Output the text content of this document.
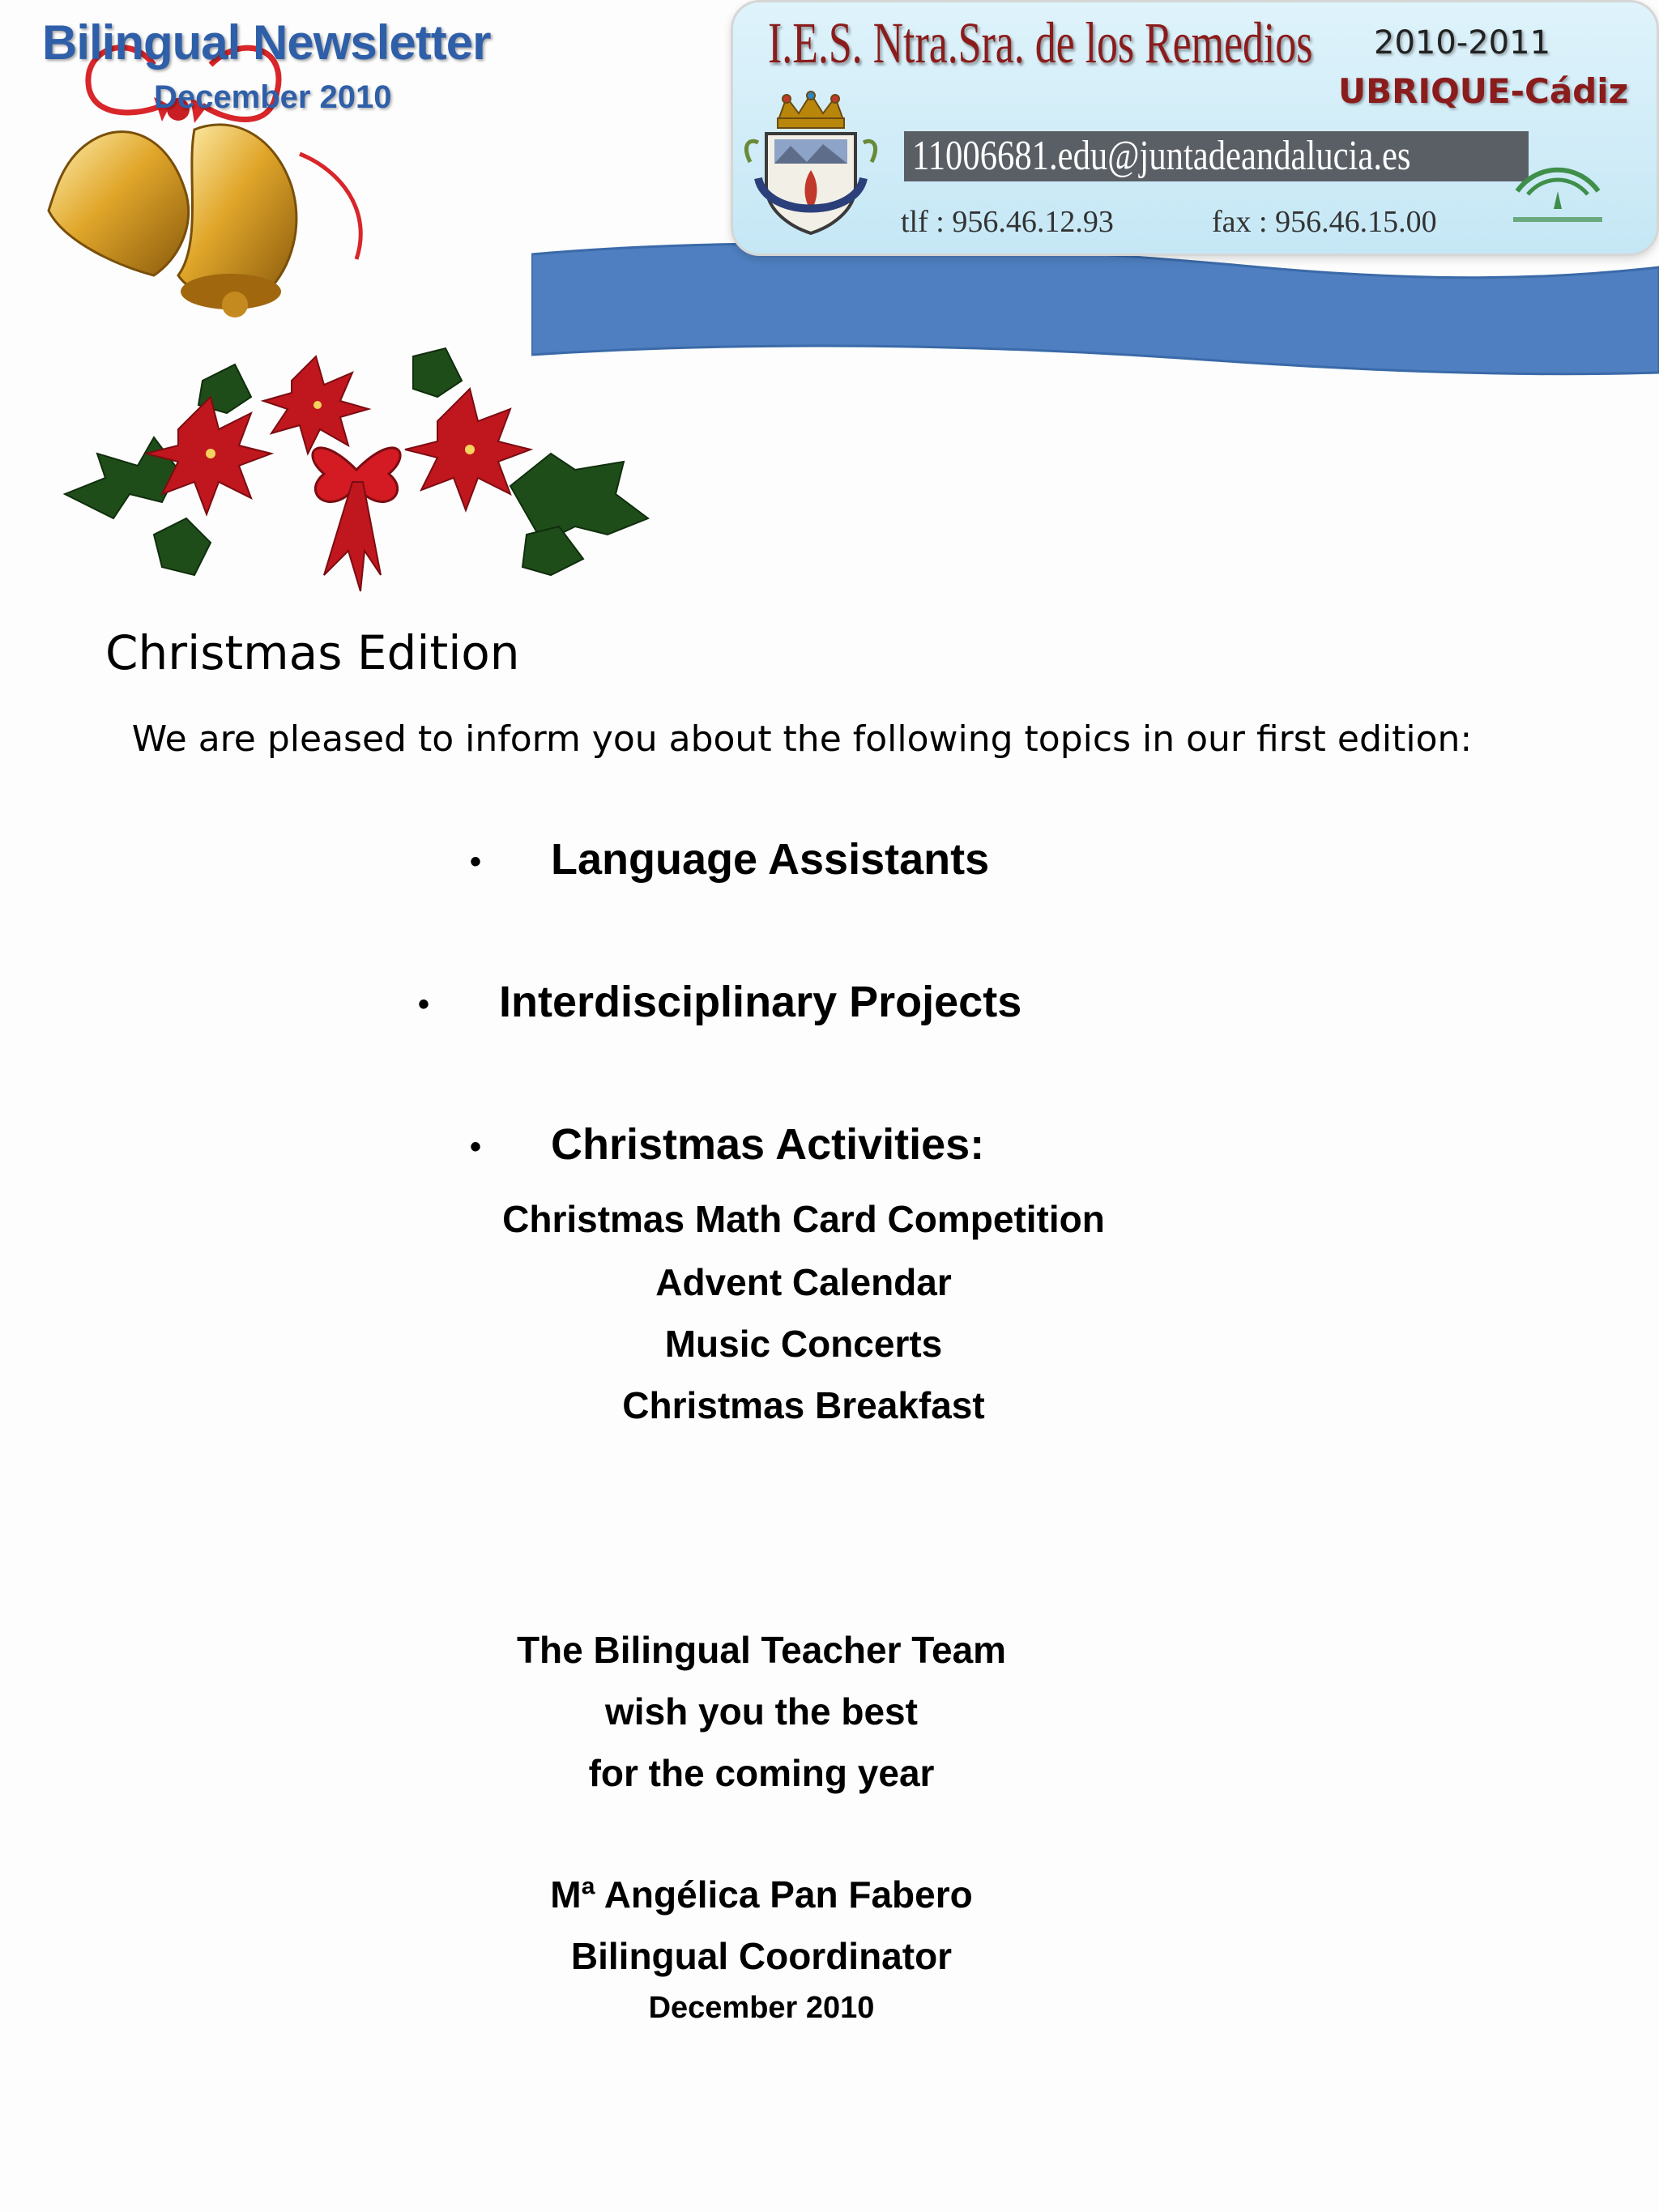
I.E.S. Ntra.Sra. de los Remedios 2010-2011
UBRIQUE-Cádiz
11006681.edu@juntadeandalucia.es
tlf : 956.46.12.93	fax : 956.46.15.00
Bilingual Newsletter
December 2010
Christmas Edition
We are pleased to inform you about the following topics in our first edition:
• Language Assistants
• Interdisciplinary Projects
• Christmas Activities:
Christmas Math Card Competition
Advent Calendar
Music Concerts
Christmas Breakfast
The Bilingual Teacher Team
wish you the best
for the coming year
Mª Angélica Pan Fabero
Bilingual Coordinator
December 2010
